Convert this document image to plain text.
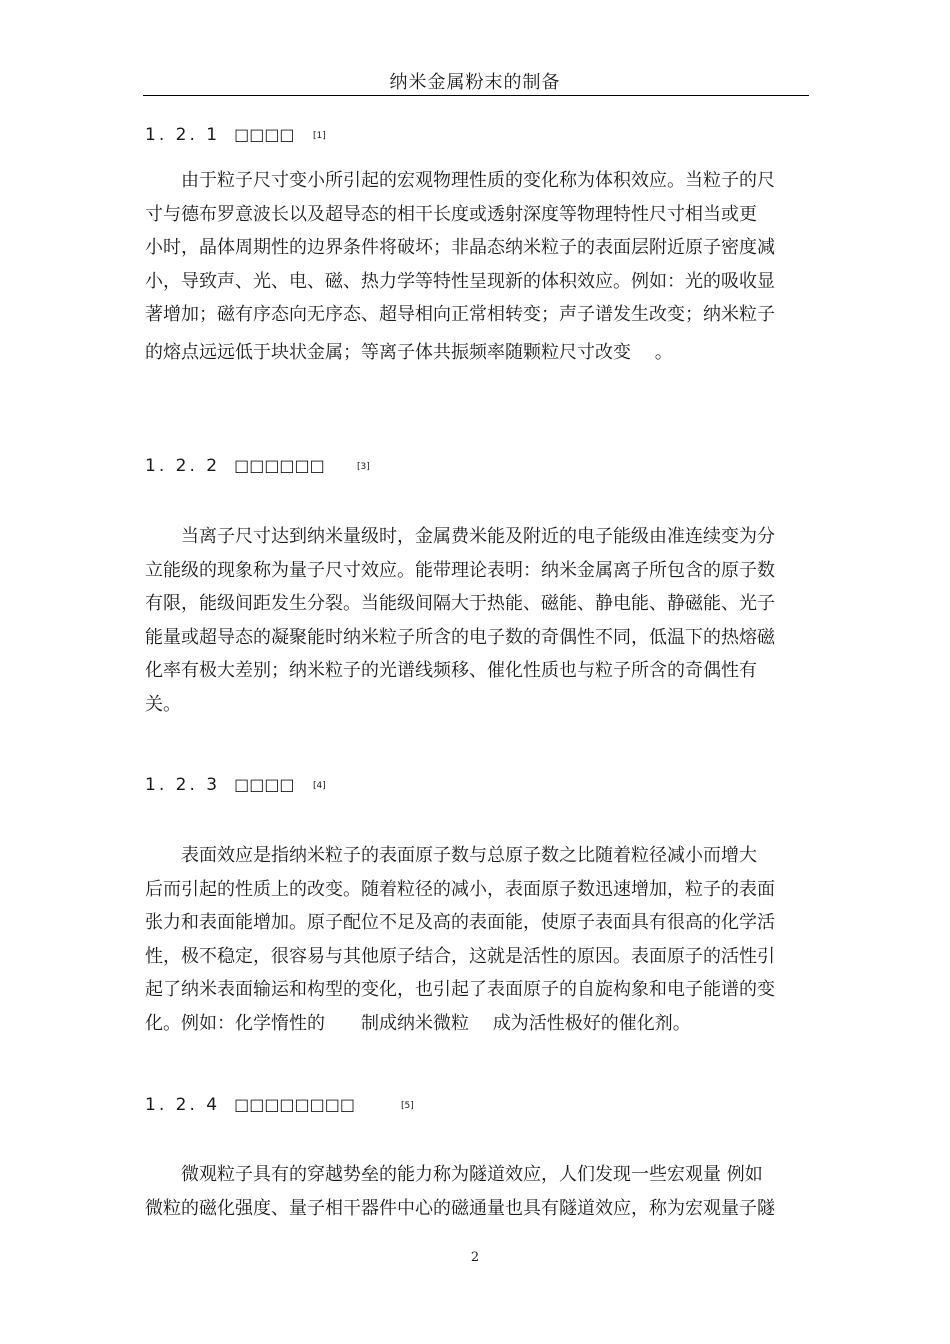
纳米金属粉末的制备
1. 2. 1 □□□□ [1]
　　由于粒子尺寸变小所引起的宏观物理性质的变化称为体积效应。当粒子的尺
寸与德布罗意波长以及超导态的相干长度或透射深度等物理特性尺寸相当或更
小时，晶体周期性的边界条件将破坏；非晶态纳米粒子的表面层附近原子密度减
小，导致声、光、电、磁、热力学等特性呈现新的体积效应。例如：光的吸收显
著增加；磁有序态向无序态、超导相向正常相转变；声子谱发生改变；纳米粒子
的熔点远远低于块状金属；等离子体共振频率随颗粒尺寸改变　 。
1. 2. 2 □□□□□□	[3]
　　当离子尺寸达到纳米量级时，金属费米能及附近的电子能级由准连续变为分
立能级的现象称为量子尺寸效应。能带理论表明：纳米金属离子所包含的原子数
有限，能级间距发生分裂。当能级间隔大于热能、磁能、静电能、静磁能、光子
能量或超导态的凝聚能时纳米粒子所含的电子数的奇偶性不同，低温下的热熔磁
化率有极大差别；纳米粒子的光谱线频移、催化性质也与粒子所含的奇偶性有
关。
1. 2. 3 □□□□ [4]
　　表面效应是指纳米粒子的表面原子数与总原子数之比随着粒径减小而增大
后而引起的性质上的改变。随着粒径的减小，表面原子数迅速增加，粒子的表面
张力和表面能增加。原子配位不足及高的表面能，使原子表面具有很高的化学活
性，极不稳定，很容易与其他原子结合，这就是活性的原因。表面原子的活性引
起了纳米表面输运和构型的变化，也引起了表面原子的自旋构象和电子能谱的变
化。例如：化学惰性的　　制成纳米微粒　 成为活性极好的催化剂。
1. 2. 4 □□□□□□□□	[5]
　　微观粒子具有的穿越势垒的能力称为隧道效应，人们发现一些宏观量 例如
微粒的磁化强度、量子相干器件中心的磁通量也具有隧道效应，称为宏观量子隧
2
